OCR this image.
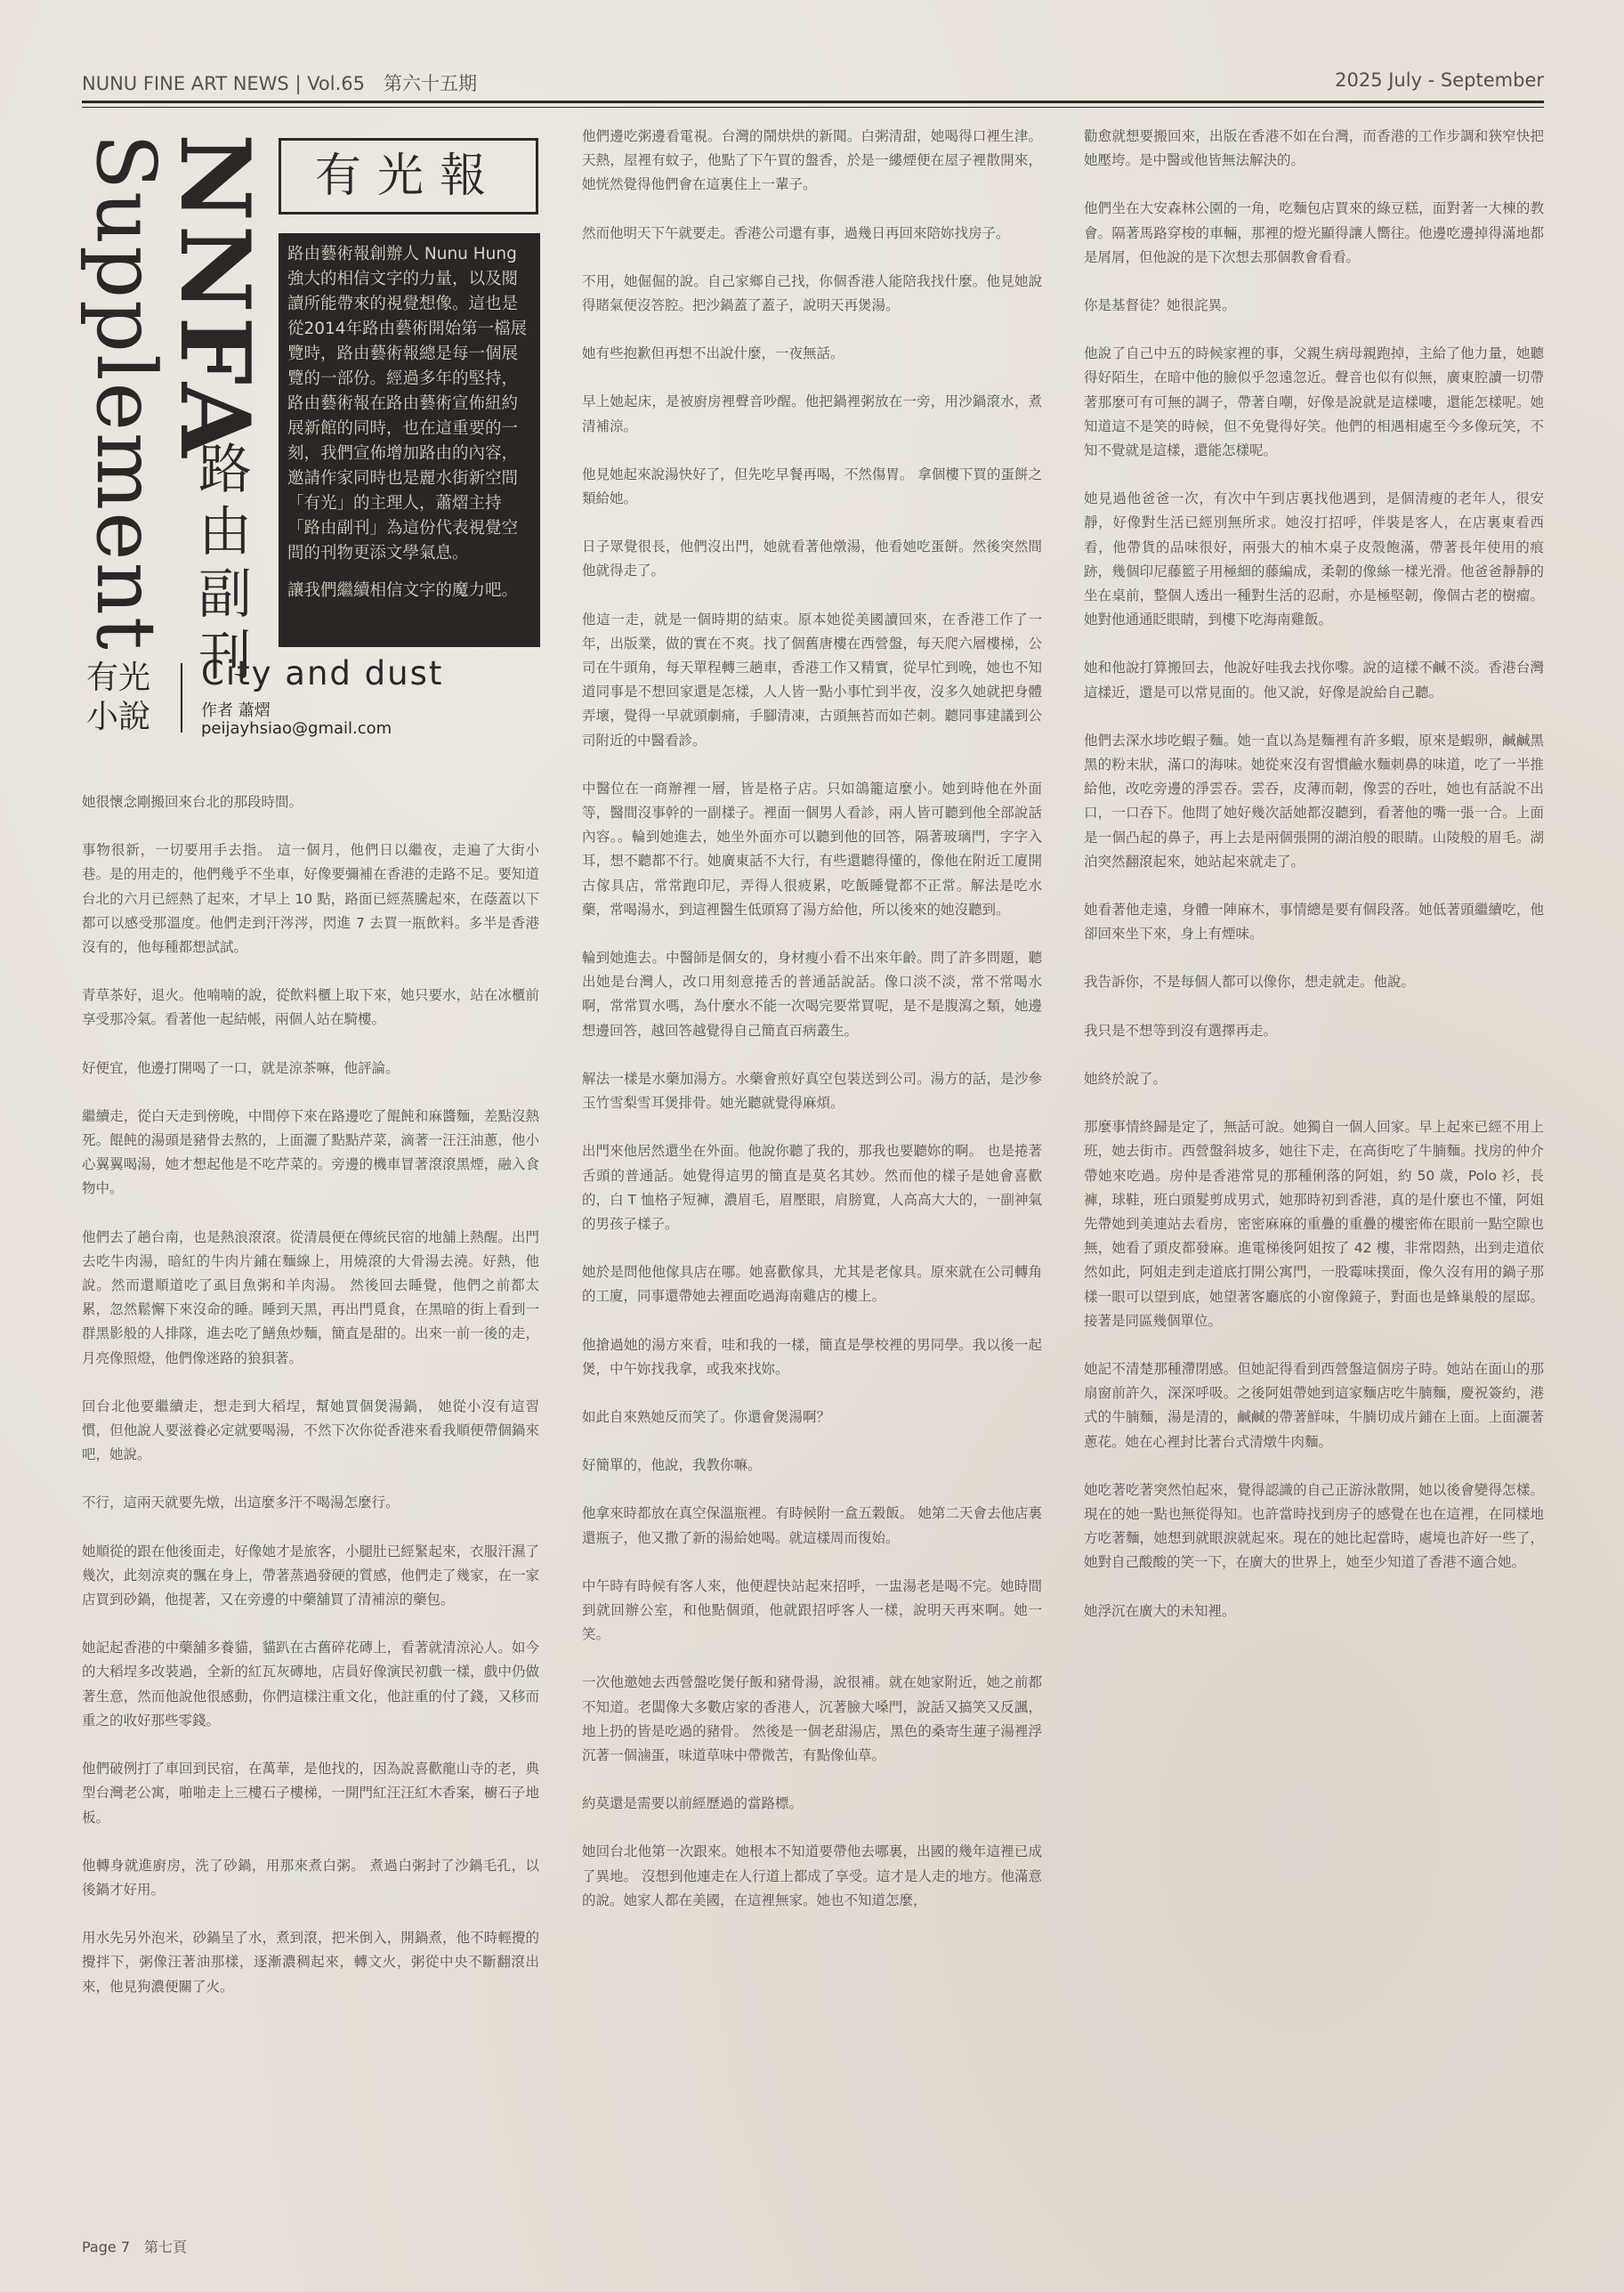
NUNU FINE ART NEWS | Vol.65　第六十五期	2025 July - September
NNFA
Supplement 路由副刊
有光報

路由藝術報創辦人 Nunu Hung 強大的相信文字的力量，以及閱讀所能帶來的視覺想像。這也是從2014年路由藝術開始第一檔展覽時，路由藝術報總是每一個展覽的一部份。經過多年的堅持，路由藝術報在路由藝術宣佈紐約展新館的同時，也在這重要的一刻，我們宣佈增加路由的內容，邀請作家同時也是麗水街新空間「有光」的主理人，蕭熠主持「路由副刊」為這份代表視覺空間的刊物更添文學氣息。

讓我們繼續相信文字的魔力吧。

有光
小說
City and dust
作者 蕭熠
peijayhsiao@gmail.com

她很懷念剛搬回來台北的那段時間。

事物很新，一切要用手去指。 這一個月，他們日以繼夜，走遍了大街小巷。是的用走的，他們幾乎不坐車，好像要彌補在香港的走路不足。要知道台北的六月已經熱了起來，才早上 10 點，路面已經蒸騰起來，在蔭蓋以下都可以感受那溫度。他們走到汗涔涔，閃進 7 去買一瓶飲料。多半是香港沒有的，他每種都想試試。

青草茶好，退火。他喃喃的說，從飲料櫃上取下來，她只要水，站在冰櫃前享受那冷氣。看著他一起結帳，兩個人站在騎樓。

好便宜，他邊打開喝了一口，就是涼茶嘛，他評論。

繼續走，從白天走到傍晚，中間停下來在路邊吃了餛飩和麻醬麵，差點沒熱死。餛飩的湯頭是豬骨去熬的，上面灑了點點芹菜，滴著一汪汪油蔥，他小心翼翼喝湯，她才想起他是不吃芹菜的。旁邊的機車冒著滾滾黑煙，融入食物中。

他們去了趟台南，也是熱浪滾滾。從清晨便在傳統民宿的地舖上熱醒。出門去吃牛肉湯，暗紅的牛肉片鋪在麵線上，用燒滾的大骨湯去澆。好熱，他說。然而還順道吃了虱目魚粥和羊肉湯。 然後回去睡覺，他們之前都太累，忽然鬆懈下來沒命的睡。睡到天黑，再出門覓食，在黑暗的街上看到一群黑影般的人排隊，進去吃了鱔魚炒麵，簡直是甜的。出來一前一後的走，月亮像照燈，他們像迷路的狼狽著。

回台北他要繼續走，想走到大稻埕，幫她買個煲湯鍋， 她從小沒有這習慣，但他說人要滋養必定就要喝湯，不然下次你從香港來看我順便帶個鍋來吧，她說。

不行，這兩天就要先燉，出這麼多汗不喝湯怎麼行。

她順從的跟在他後面走，好像她才是旅客，小腿肚已經緊起來，衣服汗濕了幾次，此刻涼爽的飄在身上，帶著蒸過發硬的質感，他們走了幾家，在一家店買到砂鍋，他提著，又在旁邊的中藥舖買了清補涼的藥包。

她記起香港的中藥舖多養貓，貓趴在古舊碎花磚上，看著就清涼沁人。如今的大稻埕多改裝過，全新的紅瓦灰磚地，店員好像演民初戲一樣，戲中仍做著生意，然而他說他很感動，你們這樣注重文化，他註重的付了錢，又移而重之的收好那些零錢。

他們破例打了車回到民宿，在萬華，是他找的，因為說喜歡龍山寺的老，典型台灣老公寓，啪啪走上三樓石子樓梯，一開門紅汪汪紅木香案，櫥石子地板。

他轉身就進廚房，洗了砂鍋，用那來煮白粥。 煮過白粥封了沙鍋毛孔，以後鍋才好用。

用水先另外泡米，砂鍋呈了水，煮到滾，把米倒入，開鍋煮，他不時輕攪的攪拌下，粥像汪著油那樣，逐漸濃稠起來，轉文火，粥從中央不斷翻滾出來，他見狗濃便關了火。

他們邊吃粥邊看電視。台灣的鬧烘烘的新聞。白粥清甜，她喝得口裡生津。天熱，屋裡有蚊子，他點了下午買的盤香，於是一縷煙便在屋子裡散開來，她恍然覺得他們會在這裏住上一輩子。

然而他明天下午就要走。香港公司還有事，過幾日再回來陪妳找房子。

不用，她倔倔的說。自己家鄉自己找，你個香港人能陪我找什麼。他見她說得賭氣便沒答腔。把沙鍋蓋了蓋子，說明天再煲湯。

她有些抱歉但再想不出說什麼，一夜無話。

早上她起床，是被廚房裡聲音吵醒。他把鍋裡粥放在一旁，用沙鍋滾水，煮清補涼。

他見她起來說湯快好了，但先吃早餐再喝，不然傷胃。 拿個樓下買的蛋餅之類給她。

日子眾覺很長，他們沒出門，她就看著他燉湯，他看她吃蛋餅。然後突然間他就得走了。

他這一走，就是一個時期的結束。原本她從美國讀回來，在香港工作了一年，出版業，做的實在不爽。找了個舊唐樓在西營盤，每天爬六層樓梯，公司在牛頭角，每天單程轉三趟車，香港工作又精實，從早忙到晚，她也不知道同事是不想回家還是怎樣，人人皆一點小事忙到半夜，沒多久她就把身體弄壞，覺得一早就頭劇痛，手腳清凍，古頭無苔而如芒刺。聽同事建議到公司附近的中醫看診。

中醫位在一商辦裡一層，皆是格子店。只如鴿籠這麼小。她到時他在外面等，醫間沒事幹的一副樣子。裡面一個男人看診，兩人皆可聽到他全部說話內容。。輪到她進去，她坐外面亦可以聽到他的回答，隔著玻璃門，字字入耳，想不聽都不行。她廣東話不大行，有些還聽得懂的，像他在附近工廈開古傢具店，常常跑印尼，弄得人很疲累，吃飯睡覺都不正常。解法是吃水藥，常喝湯水，到這裡醫生低頭寫了湯方給他，所以後來的她沒聽到。

輪到她進去。中醫師是個女的，身材瘦小看不出來年齡。問了許多問題，聽出她是台灣人，改口用刻意捲舌的普通話說話。像口淡不淡，常不常喝水啊，常常買水嗎，為什麼水不能一次喝完要常買呢，是不是腹瀉之類，她邊想邊回答，越回答越覺得自己簡直百病叢生。

解法一樣是水藥加湯方。水藥會煎好真空包裝送到公司。湯方的話，是沙參玉竹雪梨雪耳煲排骨。她光聽就覺得麻煩。

出門來他居然還坐在外面。他說你聽了我的，那我也要聽妳的啊。 也是捲著舌頭的普通話。她覺得這男的簡直是莫名其妙。然而他的樣子是她會喜歡的，白 T 恤格子短褲，濃眉毛，眉壓眼，肩膀寬，人高高大大的，一副神氣的男孩子樣子。

她於是問他他傢具店在哪。她喜歡傢具，尤其是老傢具。原來就在公司轉角的工廈，同事還帶她去裡面吃過海南雞店的樓上。

他搶過她的湯方來看，哇和我的一樣，簡直是學校裡的男同學。我以後一起煲，中午妳找我拿，或我來找妳。

如此自來熟她反而笑了。你還會煲湯啊？

好簡單的，他說，我教你嘛。

他拿來時都放在真空保溫瓶裡。有時候附一盒五穀飯。 她第二天會去他店裏還瓶子，他又撒了新的湯給她喝。就這樣周而復始。

中午時有時候有客人來，他便趕快站起來招呼，一盅湯老是喝不完。她時間到就回辦公室，和他點個頭，他就跟招呼客人一樣，說明天再來啊。她一笑。

一次他邀她去西營盤吃煲仔飯和豬骨湯，說很補。就在她家附近，她之前都不知道。老闆像大多數店家的香港人，沉著臉大嗓門，說話又搞笑又反諷，地上扔的皆是吃過的豬骨。 然後是一個老甜湯店，黑色的桑寄生蓮子湯裡浮沉著一個滷蛋，味道草味中帶微苦，有點像仙草。

約莫還是需要以前經歷過的當路標。

她回台北他第一次跟來。她根本不知道要帶他去哪裏，出國的幾年這裡已成了異地。 沒想到他連走在人行道上都成了享受。這才是人走的地方。他滿意的說。她家人都在美國，在這裡無家。她也不知道怎麼，

勸愈就想要搬回來，出版在香港不如在台灣，而香港的工作步調和狹窄快把她壓垮。是中醫或他皆無法解決的。

他們坐在大安森林公園的一角，吃麵包店買來的綠豆糕，面對著一大棟的教會。隔著馬路穿梭的車輛，那裡的燈光顯得讓人嚮往。他邊吃邊掉得滿地都是屑屑，但他說的是下次想去那個教會看看。

你是基督徒？她很詫異。

他說了自己中五的時候家裡的事，父親生病母親跑掉，主給了他力量，她聽得好陌生，在暗中他的臉似乎忽遠忽近。聲音也似有似無，廣東腔讀一切帶著那麼可有可無的調子，帶著自嘲，好像是說就是這樣嘍，還能怎樣呢。她知道這不是笑的時候，但不免覺得好笑。他們的相遇相處至今多像玩笑，不知不覺就是這樣，還能怎樣呢。

她見過他爸爸一次，有次中午到店裏找他遇到，是個清瘦的老年人，很安靜，好像對生活已經別無所求。她沒打招呼，伴裝是客人，在店裏東看西看，他帶貨的品味很好，兩張大的柚木桌子皮殼飽滿，帶著長年使用的痕跡，幾個印尼藤籃子用極細的藤編成，柔韌的像絲一樣光滑。他爸爸靜靜的坐在桌前，整個人透出一種對生活的忍耐，亦是極堅韌，像個古老的樹瘤。她對他通通眨眼睛，到樓下吃海南雞飯。

她和他說打算搬回去，他說好哇我去找你嚟。說的這樣不鹹不淡。香港台灣這樣近，還是可以常見面的。他又說，好像是說給自己聽。

他們去深水埗吃蝦子麵。她一直以為是麵裡有許多蝦，原來是蝦卵，鹹鹹黑黑的粉末狀，滿口的海味。她從來沒有習慣鹼水麵刺鼻的味道，吃了一半推給他，改吃旁邊的淨雲吞。雲吞，皮薄而韌，像雲的吞吐，她也有話說不出口，一口吞下。他問了她好幾次話她都沒聽到，看著他的嘴一張一合。上面是一個凸起的鼻子，再上去是兩個張開的湖泊般的眼睛。山陵般的眉毛。湖泊突然翻滾起來，她站起來就走了。

她看著他走遠，身體一陣麻木，事情總是要有個段落。她低著頭繼續吃，他卻回來坐下來，身上有煙味。

我告訴你，不是每個人都可以像你，想走就走。他說。

我只是不想等到沒有選擇再走。

她終於說了。

那麼事情終歸是定了，無話可說。她獨自一個人回家。早上起來已經不用上班，她去街市。西營盤斜坡多，她往下走，在高街吃了牛腩麵。找房的仲介帶她來吃過。房仲是香港常見的那種俐落的阿姐，約 50 歲，Polo 衫，長褲，球鞋，班白頭髮剪成男式，她那時初到香港，真的是什麼也不懂，阿姐先帶她到美連站去看房，密密麻麻的重疊的重疊的樓密佈在眼前一點空隙也無，她看了頭皮都發麻。進電梯後阿姐按了 42 樓，非常悶熱，出到走道依然如此，阿姐走到走道底打開公寓門，一股霉味撲面，像久沒有用的鍋子那樣一眼可以望到底，她望著客廳底的小窗像鏡子，對面也是蜂巢般的屋邸。接著是同區幾個單位。

她記不清楚那種滯閉感。但她記得看到西營盤這個房子時。她站在面山的那扇窗前許久，深深呼吸。之後阿姐帶她到這家麵店吃牛腩麵，慶祝簽約，港式的牛腩麵，湯是清的，鹹鹹的帶著鮮味，牛腩切成片鋪在上面。上面灑著蔥花。她在心裡封比著台式清燉牛肉麵。

她吃著吃著突然怕起來，覺得認識的自己正游泳散開，她以後會變得怎樣。現在的她一點也無從得知。也許當時找到房子的感覺在也在這裡，在同樣地方吃著麵，她想到就眼淚就起來。現在的她比起當時，處境也許好一些了，她對自己酸酸的笑一下，在廣大的世界上，她至少知道了香港不適合她。

她浮沉在廣大的未知裡。

Page 7　第七頁
